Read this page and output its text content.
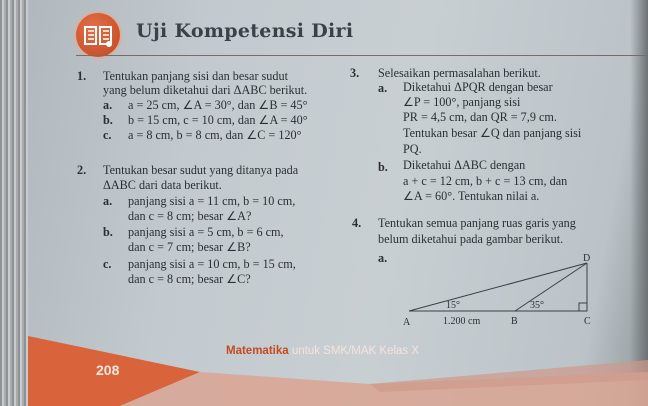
Uji Kompetensi Diri
1. Tentukan panjang sisi dan besar sudut
yang belum diketahui dari ΔABC berikut.
a. a = 25 cm, ∠A = 30°, dan ∠B = 45°
b. b = 15 cm, c = 10 cm, dan ∠A = 40°
c. a = 8 cm, b = 8 cm, dan ∠C = 120°
2. Tentukan besar sudut yang ditanya pada
ΔABC dari data berikut.
a. panjang sisi a = 11 cm, b = 10 cm,
dan c = 8 cm; besar ∠A?
b. panjang sisi a = 5 cm, b = 6 cm,
dan c = 7 cm; besar ∠B?
c. panjang sisi a = 10 cm, b = 15 cm,
dan c = 8 cm; besar ∠C?
3. Selesaikan permasalahan berikut.
a. Diketahui ΔPQR dengan besar
∠P = 100°, panjang sisi
PR = 4,5 cm, dan QR = 7,9 cm.
Tentukan besar ∠Q dan panjang sisi
PQ.
b. Diketahui ΔABC dengan
a + c = 12 cm, b + c = 13 cm, dan
∠A = 60°. Tentukan nilai a.
4. Tentukan semua panjang ruas garis yang
belum diketahui pada gambar berikut.
a.
A	B	C
D
15°	35°
1.200 cm
Matematika untuk SMK/MAK Kelas X
208
